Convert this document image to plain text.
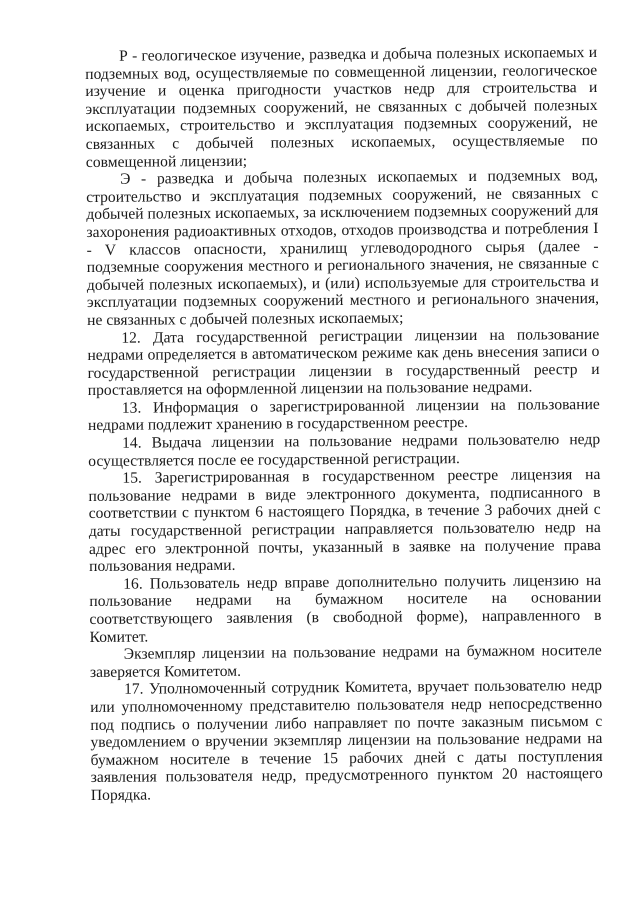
Р - геологическое изучение, разведка и добыча полезных ископаемых и подземных вод, осуществляемые по совмещенной лицензии, геологическое изучение и оценка пригодности участков недр для строительства и эксплуатации подземных сооружений, не связанных с добычей полезных ископаемых, строительство и эксплуатация подземных сооружений, не связанных с добычей полезных ископаемых, осуществляемые по совмещенной лицензии;

Э - разведка и добыча полезных ископаемых и подземных вод, строительство и эксплуатация подземных сооружений, не связанных с добычей полезных ископаемых, за исключением подземных сооружений для захоронения радиоактивных отходов, отходов производства и потребления I - V классов опасности, хранилищ углеводородного сырья (далее - подземные сооружения местного и регионального значения, не связанные с добычей полезных ископаемых), и (или) используемые для строительства и эксплуатации подземных сооружений местного и регионального значения, не связанных с добычей полезных ископаемых;

12. Дата государственной регистрации лицензии на пользование недрами определяется в автоматическом режиме как день внесения записи о государственной регистрации лицензии в государственный реестр и проставляется на оформленной лицензии на пользование недрами.

13. Информация о зарегистрированной лицензии на пользование недрами подлежит хранению в государственном реестре.

14. Выдача лицензии на пользование недрами пользователю недр осуществляется после ее государственной регистрации.

15. Зарегистрированная в государственном реестре лицензия на пользование недрами в виде электронного документа, подписанного в соответствии с пунктом 6 настоящего Порядка, в течение 3 рабочих дней с даты государственной регистрации направляется пользователю недр на адрес его электронной почты, указанный в заявке на получение права пользования недрами.

16. Пользователь недр вправе дополнительно получить лицензию на пользование недрами на бумажном носителе на основании соответствующего заявления (в свободной форме), направленного в Комитет.

Экземпляр лицензии на пользование недрами на бумажном носителе заверяется Комитетом.

17. Уполномоченный сотрудник Комитета, вручает пользователю недр или уполномоченному представителю пользователя недр непосредственно под подпись о получении либо направляет по почте заказным письмом с уведомлением о вручении экземпляр лицензии на пользование недрами на бумажном носителе в течение 15 рабочих дней с даты поступления заявления пользователя недр, предусмотренного пунктом 20 настоящего Порядка.
